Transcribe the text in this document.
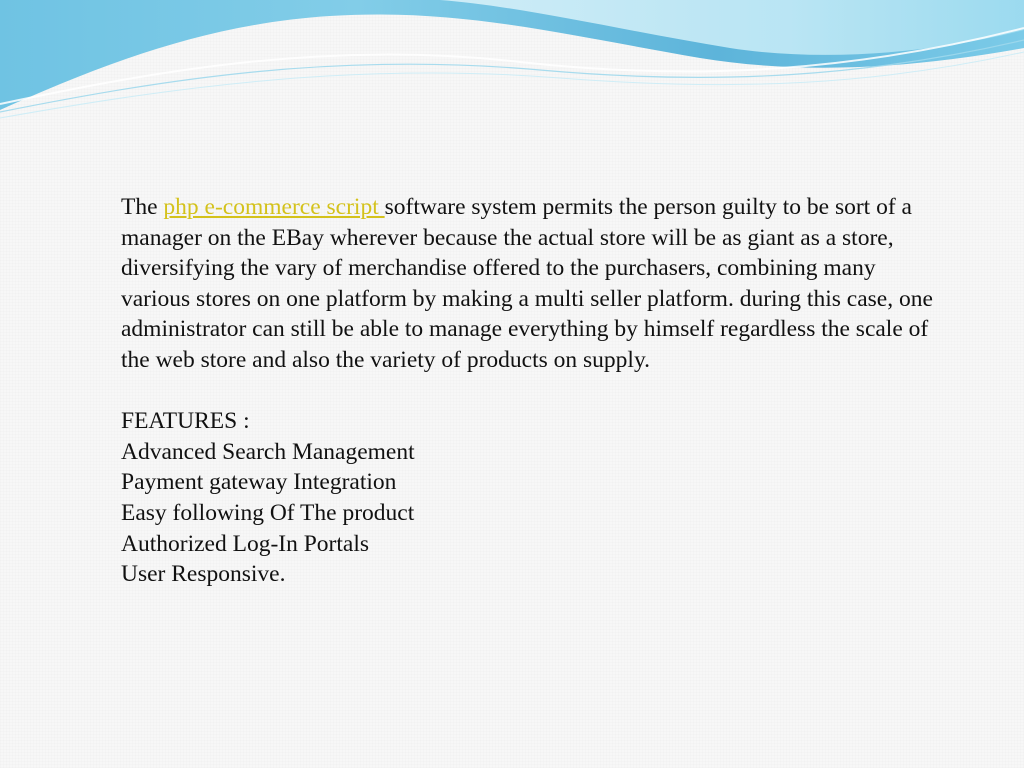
The php e-commerce script software system permits the person guilty to be sort of a manager on the EBay wherever because the actual store will be as giant as a store, diversifying the vary of merchandise offered to the purchasers, combining many various stores on one platform by making a multi seller platform. during this case, one administrator can still be able to manage everything by himself regardless the scale of the web store and also the variety of products on supply.

FEATURES :
Advanced Search Management
Payment gateway Integration
Easy following Of The product
Authorized Log-In Portals
User Responsive.
